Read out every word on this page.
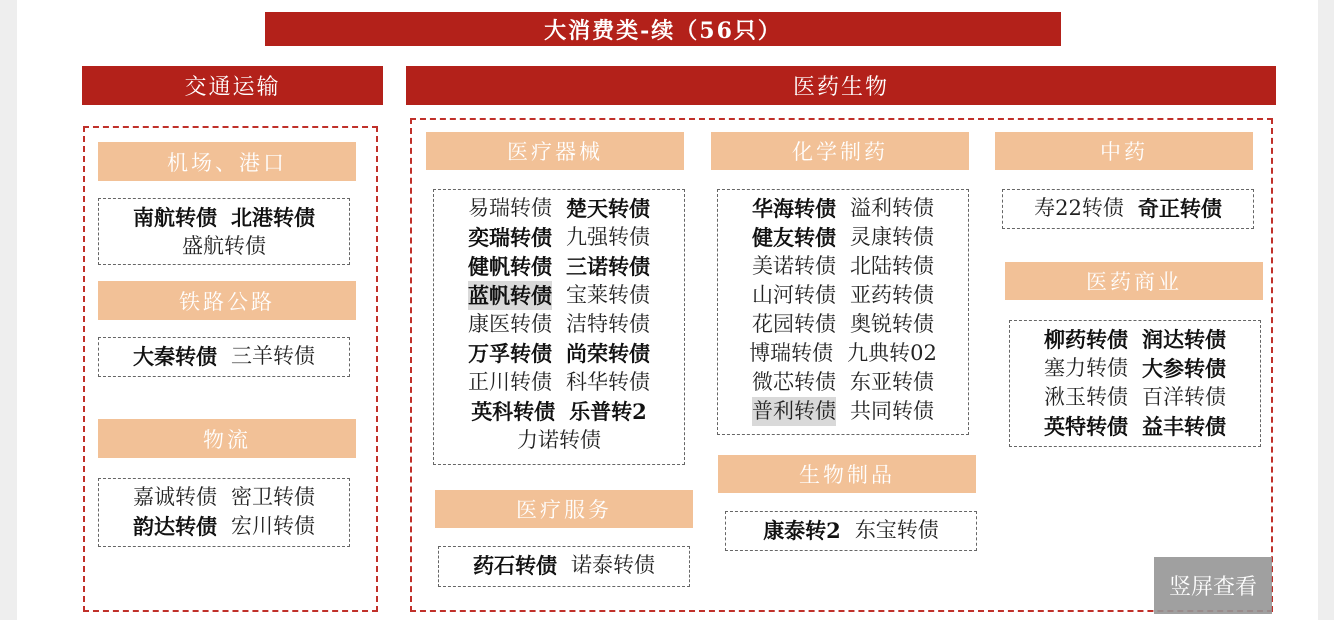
大消费类-续（56只）
交通运输	医药生物
机场、港口
南航转债 北港转债
盛航转债
铁路公路
大秦转债 三羊转债
物流
嘉诚转债 密卫转债
韵达转债 宏川转债
医疗器械
易瑞转债 楚天转债
奕瑞转债 九强转债
健帆转债 三诺转债
蓝帆转债 宝莱转债
康医转债 洁特转债
万孚转债 尚荣转债
正川转债 科华转债
英科转债 乐普转2
力诺转债
医疗服务
药石转债 诺泰转债
化学制药
华海转债 溢利转债
健友转债 灵康转债
美诺转债 北陆转债
山河转债 亚药转债
花园转债 奥锐转债
博瑞转债 九典转02
微芯转债 东亚转债
普利转债 共同转债
生物制品
康泰转2 东宝转债
中药
寿22转债 奇正转债
医药商业
柳药转债 润达转债
塞力转债 大参转债
湫玉转债 百洋转债
英特转债 益丰转债
竖屏查看
